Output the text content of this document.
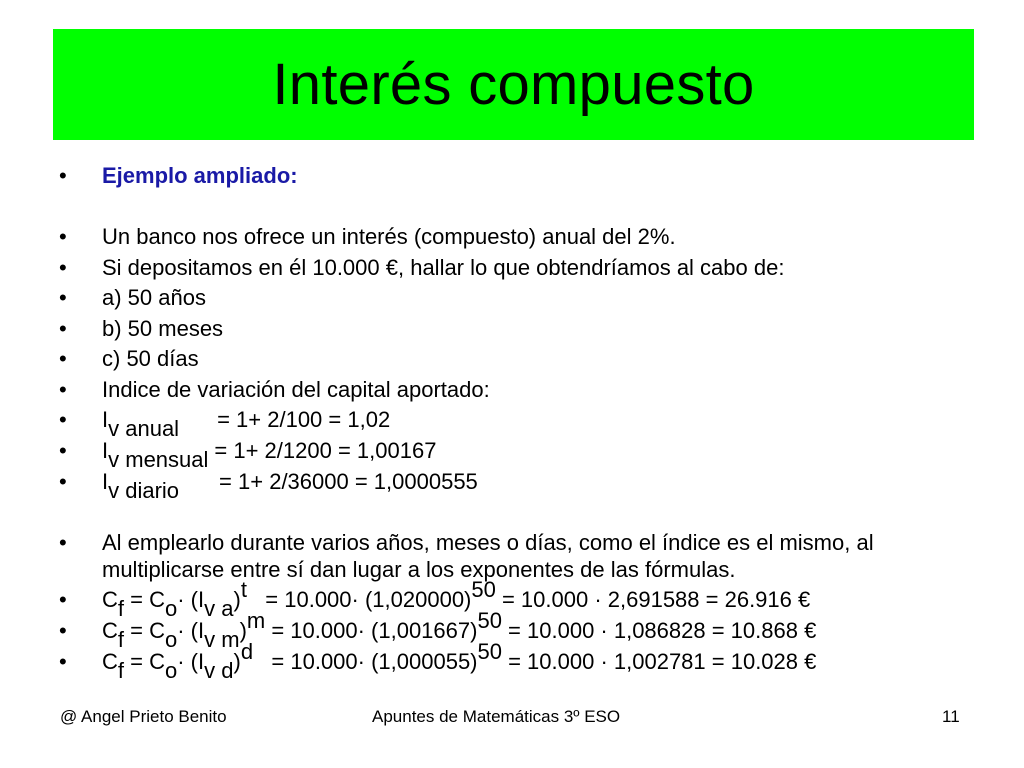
Interés compuesto
• Ejemplo ampliado:
• Un banco nos ofrece un interés (compuesto) anual del 2%.
• Si depositamos en él 10.000 €, hallar lo que obtendríamos al cabo de:
• a) 50 años
• b) 50 meses
• c) 50 días
• Indice de variación del capital aportado:
• Iv anual = 1+ 2/100 = 1,02
• Iv mensual = 1+ 2/1200 = 1,00167
• Iv diario = 1+ 2/36000 = 1,0000555
• Al emplearlo durante varios años, meses o días, como el índice es el mismo, al multiplicarse entre sí dan lugar a los exponentes de las fórmulas.
• Cf = Co· (Iv a)t   = 10.000· (1,020000)50 = 10.000 · 2,691588 = 26.916 €
• Cf = Co· (Iv m)m = 10.000· (1,001667)50 = 10.000 · 1,086828 = 10.868 €
• Cf = Co· (Iv d)d   = 10.000· (1,000055)50 = 10.000 · 1,002781 = 10.028 €
@ Angel Prieto Benito	Apuntes de Matemáticas 3º ESO	11
